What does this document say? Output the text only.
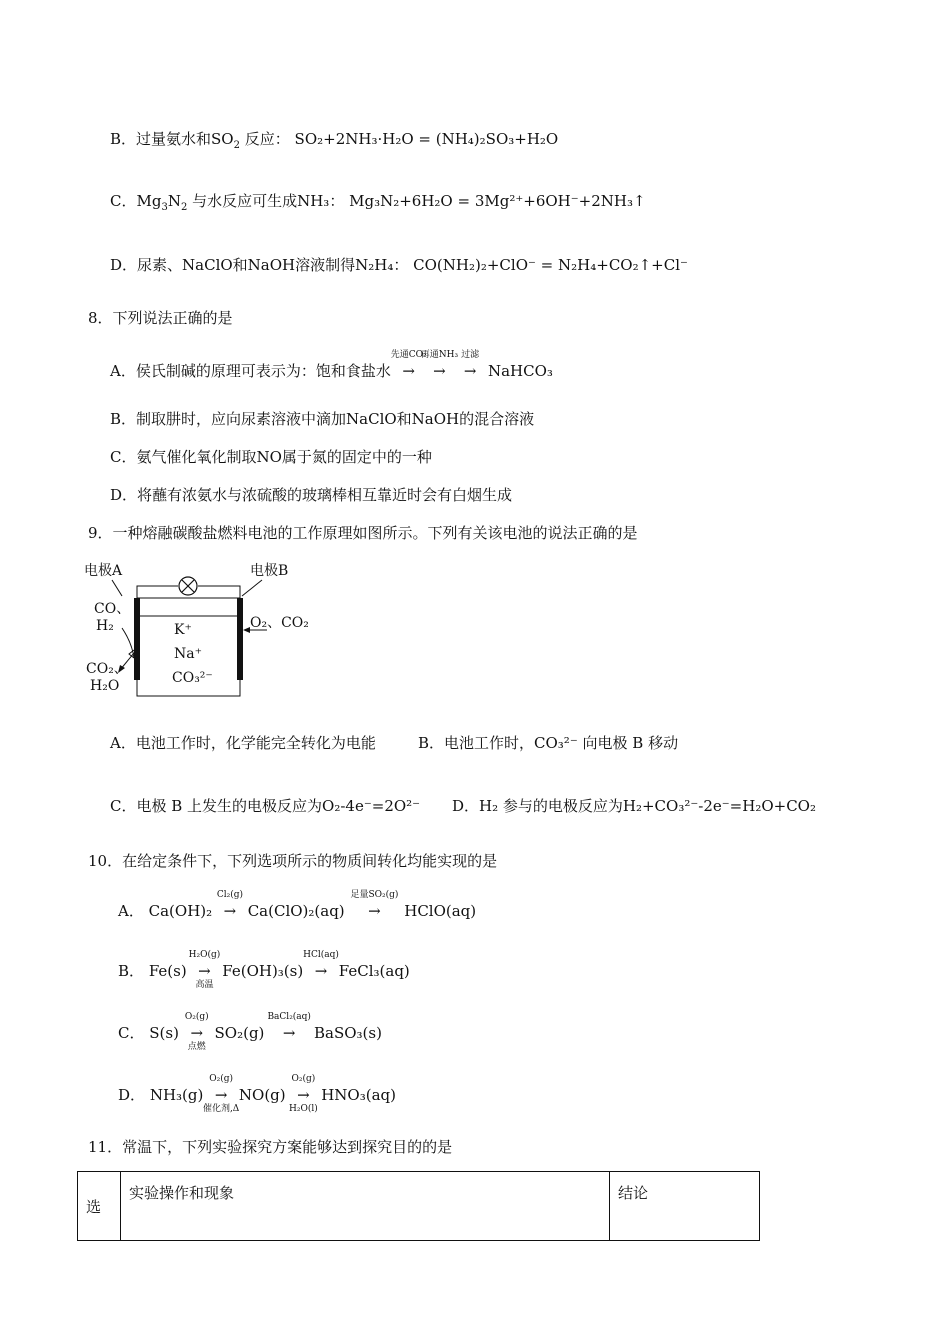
B．过量氨水和$SO_2$ 反应： SO₂+2NH₃·H₂O = (NH₄)₂SO₃+H₂O
C．$Mg_3N_2$ 与水反应可生成NH₃： Mg₃N₂+6H₂O = 3Mg²⁺+6OH⁻+2NH₃↑
D．尿素、NaClO和NaOH溶液制得N₂H₄： CO(NH₂)₂+ClO⁻ = N₂H₄+CO₂↑+Cl⁻
8．下列说法正确的是
A．侯氏制碱的原理可表示为：饱和食盐水
先通CO₂
→
再通NH₃
→
过滤
→ NaHCO₃
B．制取肼时，应向尿素溶液中滴加NaClO和NaOH的混合溶液
C．氨气催化氧化制取NO属于氮的固定中的一种
D．将蘸有浓氨水与浓硫酸的玻璃棒相互靠近时会有白烟生成
9．一种熔融碳酸盐燃料电池的工作原理如图所示。下列有关该电池的说法正确的是
电极A	电极B
CO、
H₂
CO₂、
H₂O
O₂、CO₂
K⁺
Na⁺
CO₃²⁻
A．电池工作时，化学能完全转化为电能	B．电池工作时，CO₃²⁻ 向电极 B 移动
C．电极 B 上发生的电极反应为O₂-4e⁻=2O²⁻ D．H₂ 参与的电极反应为H₂+CO₃²⁻-2e⁻=H₂O+CO₂
10．在给定条件下，下列选项所示的物质间转化均能实现的是
A． Ca(OH)₂
Cl₂(g)
→ Ca(ClO)₂(aq)
足量SO₂(g)
→ HClO(aq)
B． Fe(s)
H₂O(g)
→
高温
Fe(OH)₃(s)
HCl(aq)
→ FeCl₃(aq)
C． S(s)
O₂(g)
→
点燃
SO₂(g)
BaCl₂(aq)
→ BaSO₃(s)
D． NH₃(g)
O₂(g)
→
催化剂,Δ
NO(g)
O₂(g)
→
H₂O(l)
HNO₃(aq)
11．常温下，下列实验探究方案能够达到探究目的的是
选	实验操作和现象	结论
